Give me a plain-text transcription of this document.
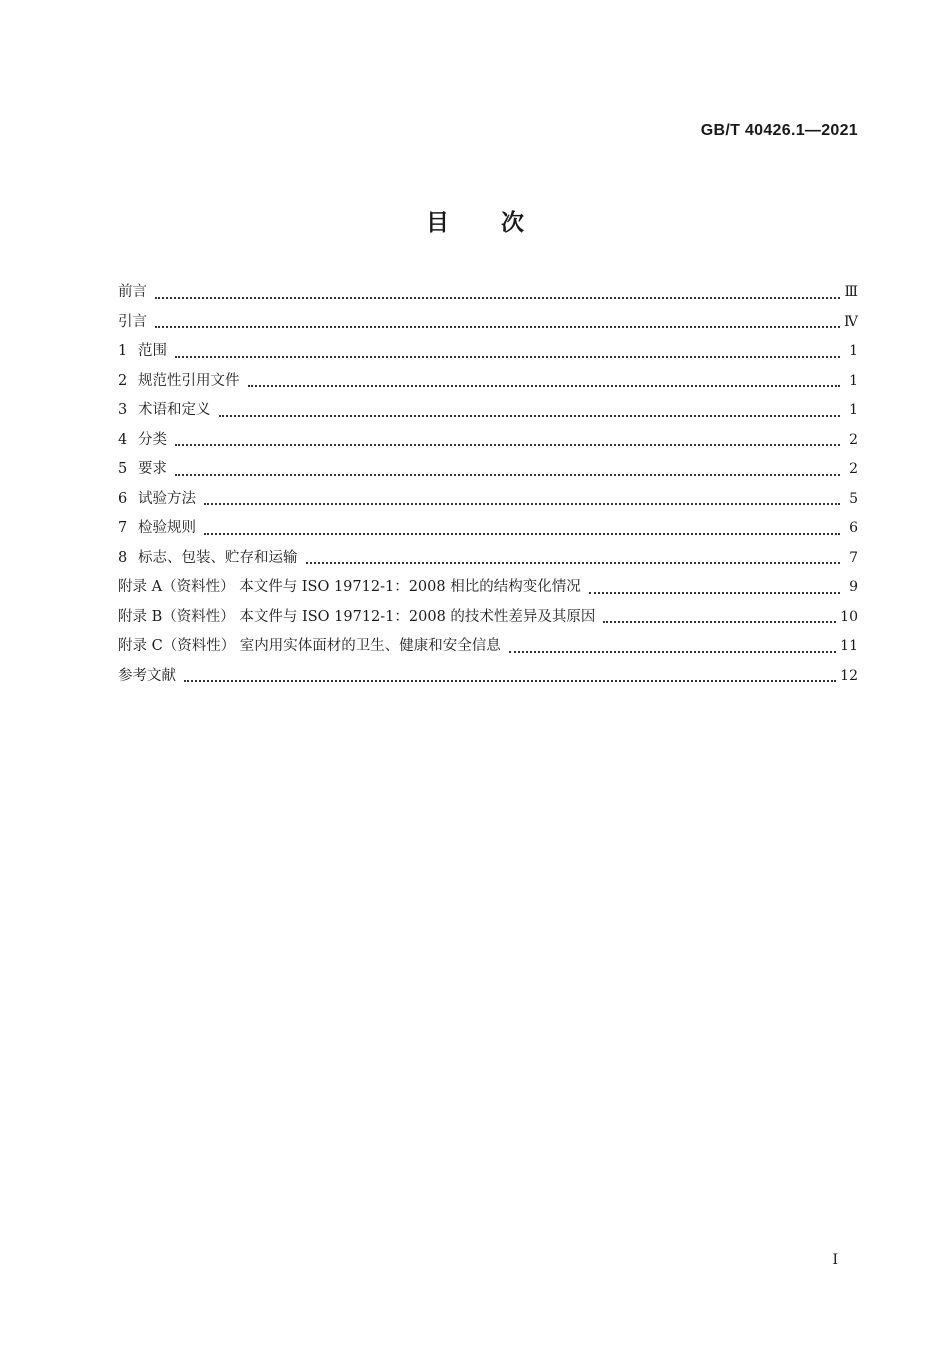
GB/T 40426.1—2021
目次
前言	Ⅲ
引言	Ⅳ
1 范围	1
2 规范性引用文件	1
3 术语和定义	1
4 分类	2
5 要求	2
6 试验方法	5
7 检验规则	6
8 标志、包装、贮存和运输	7
附录 A（资料性） 本文件与 ISO 19712-1：2008 相比的结构变化情况	9
附录 B（资料性） 本文件与 ISO 19712-1：2008 的技术性差异及其原因	10
附录 C（资料性） 室内用实体面材的卫生、健康和安全信息	11
参考文献	12
I
